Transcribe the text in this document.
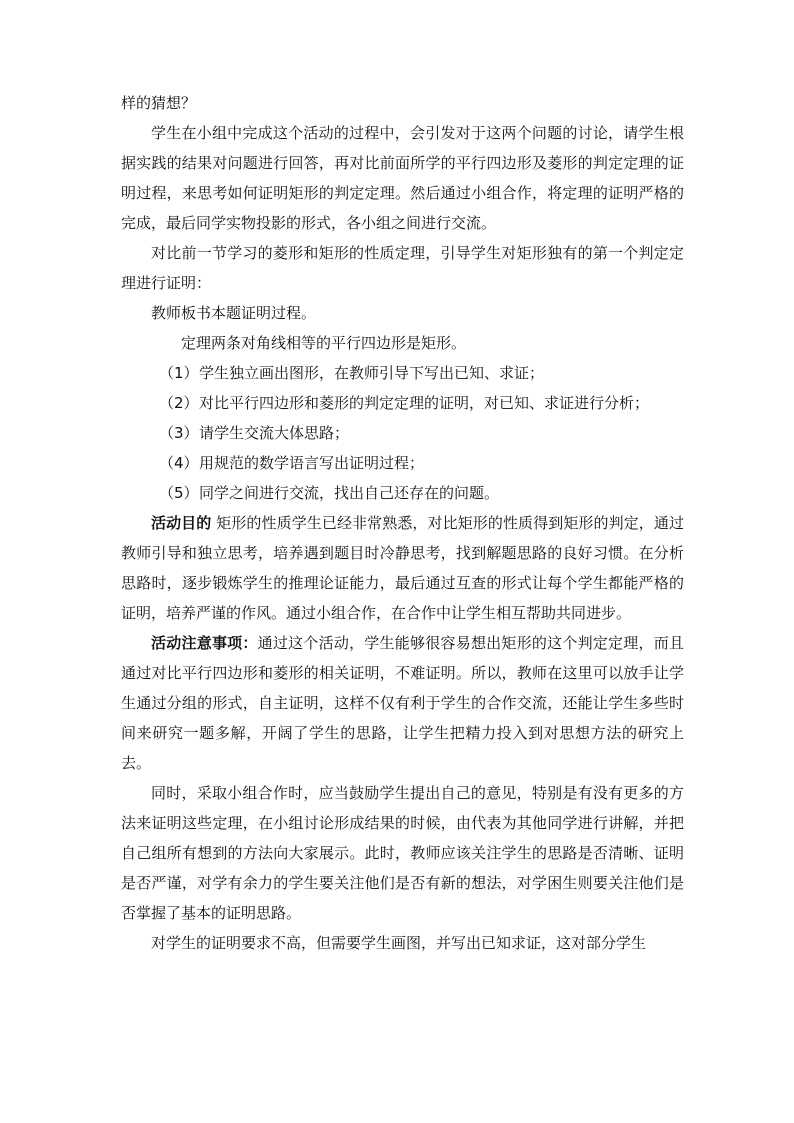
样的猜想？

学生在小组中完成这个活动的过程中，会引发对于这两个问题的讨论，请学生根据实践的结果对问题进行回答，再对比前面所学的平行四边形及菱形的判定定理的证明过程，来思考如何证明矩形的判定定理。然后通过小组合作，将定理的证明严格的完成，最后同学实物投影的形式，各小组之间进行交流。

对比前一节学习的菱形和矩形的性质定理，引导学生对矩形独有的第一个判定定理进行证明：

教师板书本题证明过程。

定理两条对角线相等的平行四边形是矩形。

（1）学生独立画出图形，在教师引导下写出已知、求证；
（2）对比平行四边形和菱形的判定定理的证明，对已知、求证进行分析；
（3）请学生交流大体思路；
（4）用规范的数学语言写出证明过程；
（5）同学之间进行交流，找出自己还存在的问题。

活动目的 矩形的性质学生已经非常熟悉，对比矩形的性质得到矩形的判定，通过教师引导和独立思考，培养遇到题目时冷静思考，找到解题思路的良好习惯。在分析思路时，逐步锻炼学生的推理论证能力，最后通过互查的形式让每个学生都能严格的证明，培养严谨的作风。通过小组合作，在合作中让学生相互帮助共同进步。

活动注意事项：通过这个活动，学生能够很容易想出矩形的这个判定定理，而且通过对比平行四边形和菱形的相关证明，不难证明。所以，教师在这里可以放手让学生通过分组的形式，自主证明，这样不仅有利于学生的合作交流，还能让学生多些时间来研究一题多解，开阔了学生的思路，让学生把精力投入到对思想方法的研究上去。

同时，采取小组合作时，应当鼓励学生提出自己的意见，特别是有没有更多的方法来证明这些定理，在小组讨论形成结果的时候，由代表为其他同学进行讲解，并把自己组所有想到的方法向大家展示。此时，教师应该关注学生的思路是否清晰、证明是否严谨，对学有余力的学生要关注他们是否有新的想法，对学困生则要关注他们是否掌握了基本的证明思路。

对学生的证明要求不高，但需要学生画图，并写出已知求证，这对部分学生
